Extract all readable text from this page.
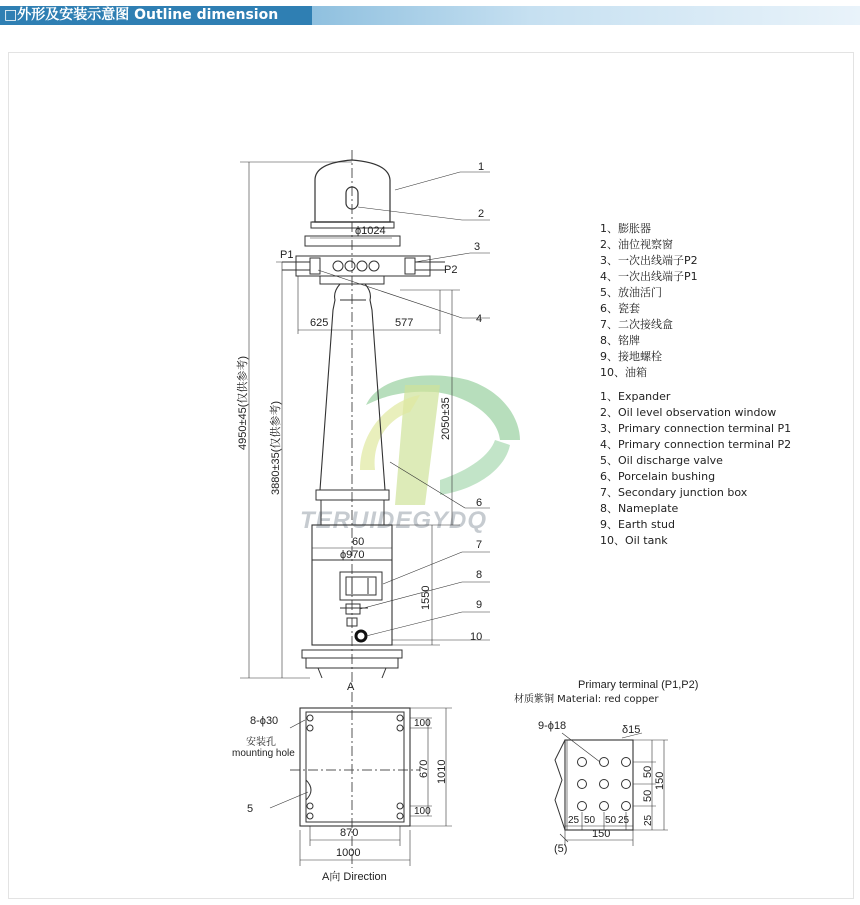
□外形及安装示意图 Outline dimension
TERUIDEGYDQ
ϕ1024
625	577
60
ϕ970
P1
P2
A
4950±45(仅供参考) 3880±35(仅供参考)	2050±35
1550
1
2
3
4
6
7
8
9
10
8-ϕ30
安装孔
mounting hole
5
100
670 1010
100
870
1000
A向 Direction
Primary terminal (P1,P2)
材质紫铜 Material: red copper
9-ϕ18	δ15
50
50
150
25
25	25
50 50
150
(5)
1、膨胀器
2、油位视察窗
3、一次出线端子P2
4、一次出线端子P1
5、放油活门
6、瓷套
7、二次接线盒
8、铭牌
9、接地螺栓
10、油箱
1、Expander
2、Oil level observation window
3、Primary connection terminal P1
4、Primary connection terminal P2
5、Oil discharge valve
6、Porcelain bushing
7、Secondary junction box
8、Nameplate
9、Earth stud
10、Oil tank
